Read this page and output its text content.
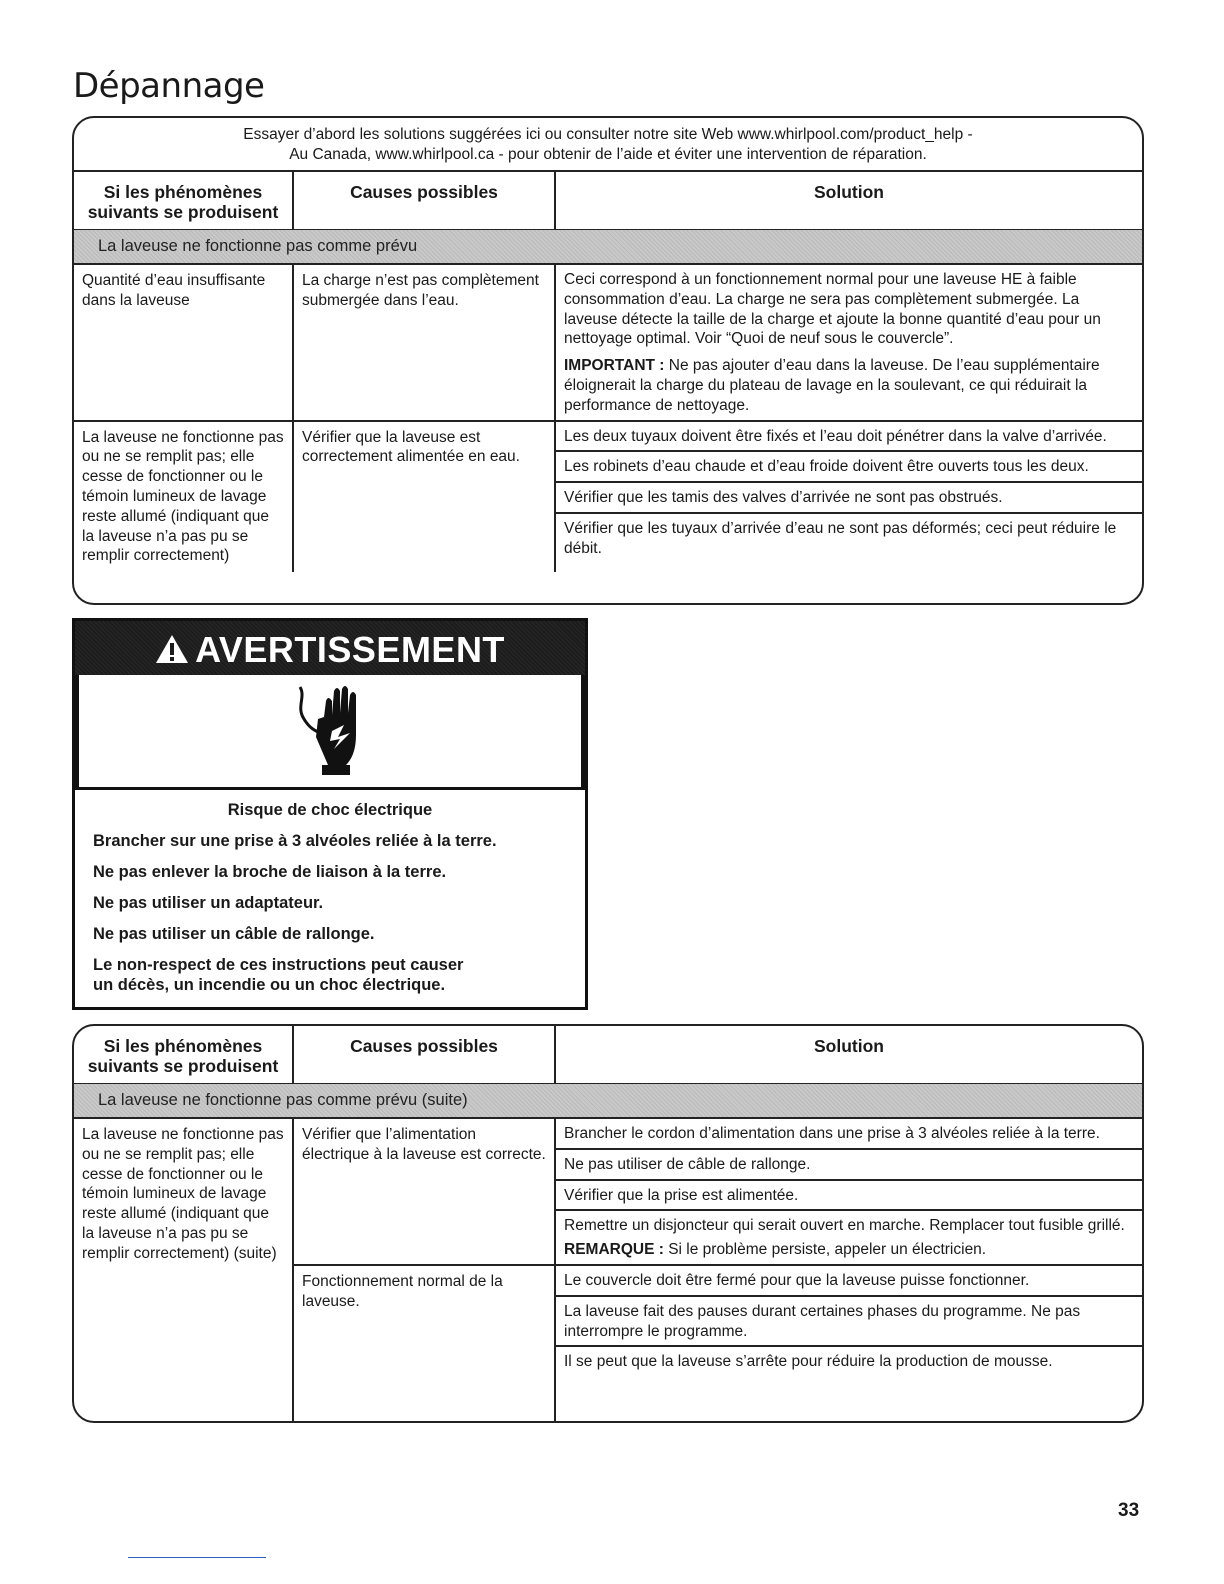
Dépannage
Essayer d’abord les solutions suggérées ici ou consulter notre site Web www.whirlpool.com/product_help -
Au Canada, www.whirlpool.ca - pour obtenir de l’aide et éviter une intervention de réparation.
Si les phénomènes suivants se produisent
Causes possibles	Solution
La laveuse ne fonctionne pas comme prévu
Quantité d’eau insuffisante dans la laveuse
La charge n’est pas complètement submergée dans l’eau.

Ceci correspond à un fonctionnement normal pour une laveuse HE à faible consommation d’eau. La charge ne sera pas complètement submergée. La laveuse détecte la taille de la charge et ajoute la bonne quantité d’eau pour un nettoyage optimal. Voir “Quoi de neuf sous le couvercle”.

IMPORTANT : Ne pas ajouter d’eau dans la laveuse. De l’eau supplémentaire éloignerait la charge du plateau de lavage en la soulevant, ce qui réduirait la performance de nettoyage.

La laveuse ne fonctionne pas ou ne se remplit pas; elle cesse de fonctionner ou le témoin lumineux de lavage reste allumé (indiquant que la laveuse n’a pas pu se remplir correctement)
Vérifier que la laveuse est correctement alimentée en eau.
Les deux tuyaux doivent être fixés et l’eau doit pénétrer dans la valve d’arrivée.
Les robinets d’eau chaude et d’eau froide doivent être ouverts tous les deux.
Vérifier que les tamis des valves d’arrivée ne sont pas obstrués.
Vérifier que les tuyaux d’arrivée d’eau ne sont pas déformés; ceci peut réduire le débit.
AVERTISSEMENT

Risque de choc électrique

Brancher sur une prise à 3 alvéoles reliée à la terre.

Ne pas enlever la broche de liaison à la terre.

Ne pas utiliser un adaptateur.

Ne pas utiliser un câble de rallonge.

Le non-respect de ces instructions peut causer
un décès, un incendie ou un choc électrique.

Si les phénomènes suivants se produisent
Causes possibles	Solution
La laveuse ne fonctionne pas comme prévu (suite)
La laveuse ne fonctionne pas ou ne se remplit pas; elle cesse de fonctionner ou le témoin lumineux de lavage reste allumé (indiquant que la laveuse n’a pas pu se remplir correctement) (suite)
Vérifier que l’alimentation électrique à la laveuse est correcte.
Brancher le cordon d’alimentation dans une prise à 3 alvéoles reliée à la terre.
Ne pas utiliser de câble de rallonge.
Vérifier que la prise est alimentée.

Remettre un disjoncteur qui serait ouvert en marche. Remplacer tout fusible grillé.

REMARQUE : Si le problème persiste, appeler un électricien.

Fonctionnement normal de la laveuse.
Le couvercle doit être fermé pour que la laveuse puisse fonctionner.
La laveuse fait des pauses durant certaines phases du programme. Ne pas interrompre le programme.
Il se peut que la laveuse s’arrête pour réduire la production de mousse.
33
